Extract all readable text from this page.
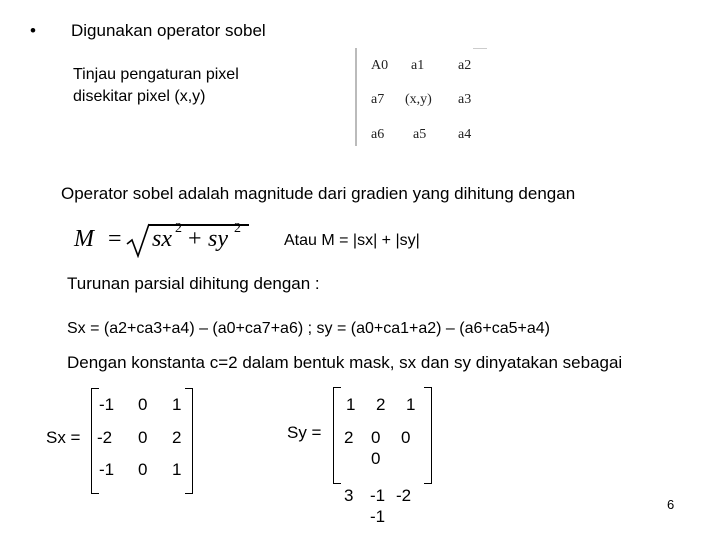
• Digunakan operator sobel
Tinjau pengaturan pixel
disekitar pixel (x,y)
A0 a1 a2
a7 (x,y) a3
a6 a5 a4
Operator sobel adalah magnitude dari gradien yang dihitung dengan
M = sx 2 + sy 2
Atau M = |sx| + |sy|
Turunan parsial dihitung dengan :
Sx = (a2+ca3+a4) – (a0+ca7+a6) ; sy = (a0+ca1+a2) – (a6+ca5+a4)
Dengan konstanta c=2 dalam bentuk mask, sx dan sy dinyatakan sebagai
Sx =
-1 0 1
-2 0 2
-1 0 1
Sy =
1 2 1
2 0 0
0
3 -1 -2
-1
6
